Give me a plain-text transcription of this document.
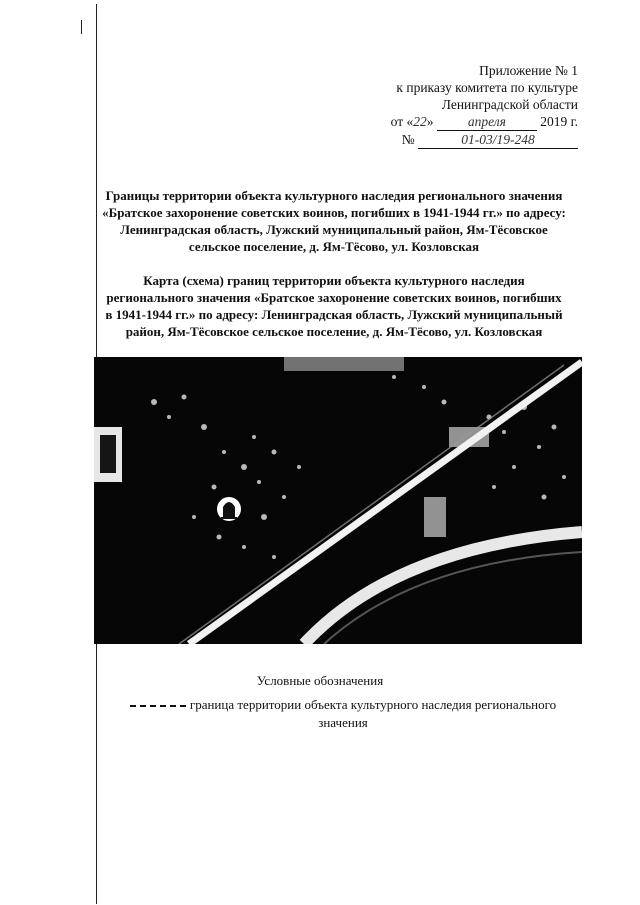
Приложение № 1
к приказу комитета по культуре
Ленинградской области
от «22»	апреля	2019 г.
№	01-03/19-248
Границы территории объекта культурного наследия регионального значения
«Братское захоронение советских воинов, погибших в 1941-1944 гг.» по адресу:
Ленинградская область, Лужский муниципальный район, Ям-Тёсовское
сельское поселение, д. Ям-Тёсово, ул. Козловская
Карта (схема) границ территории объекта культурного наследия
регионального значения «Братское захоронение советских воинов, погибших
в 1941-1944 гг.» по адресу: Ленинградская область, Лужский муниципальный
район, Ям-Тёсовское сельское поселение, д. Ям-Тёсово, ул. Козловская
Условные обозначения
граница территории объекта культурного наследия регионального
значения
